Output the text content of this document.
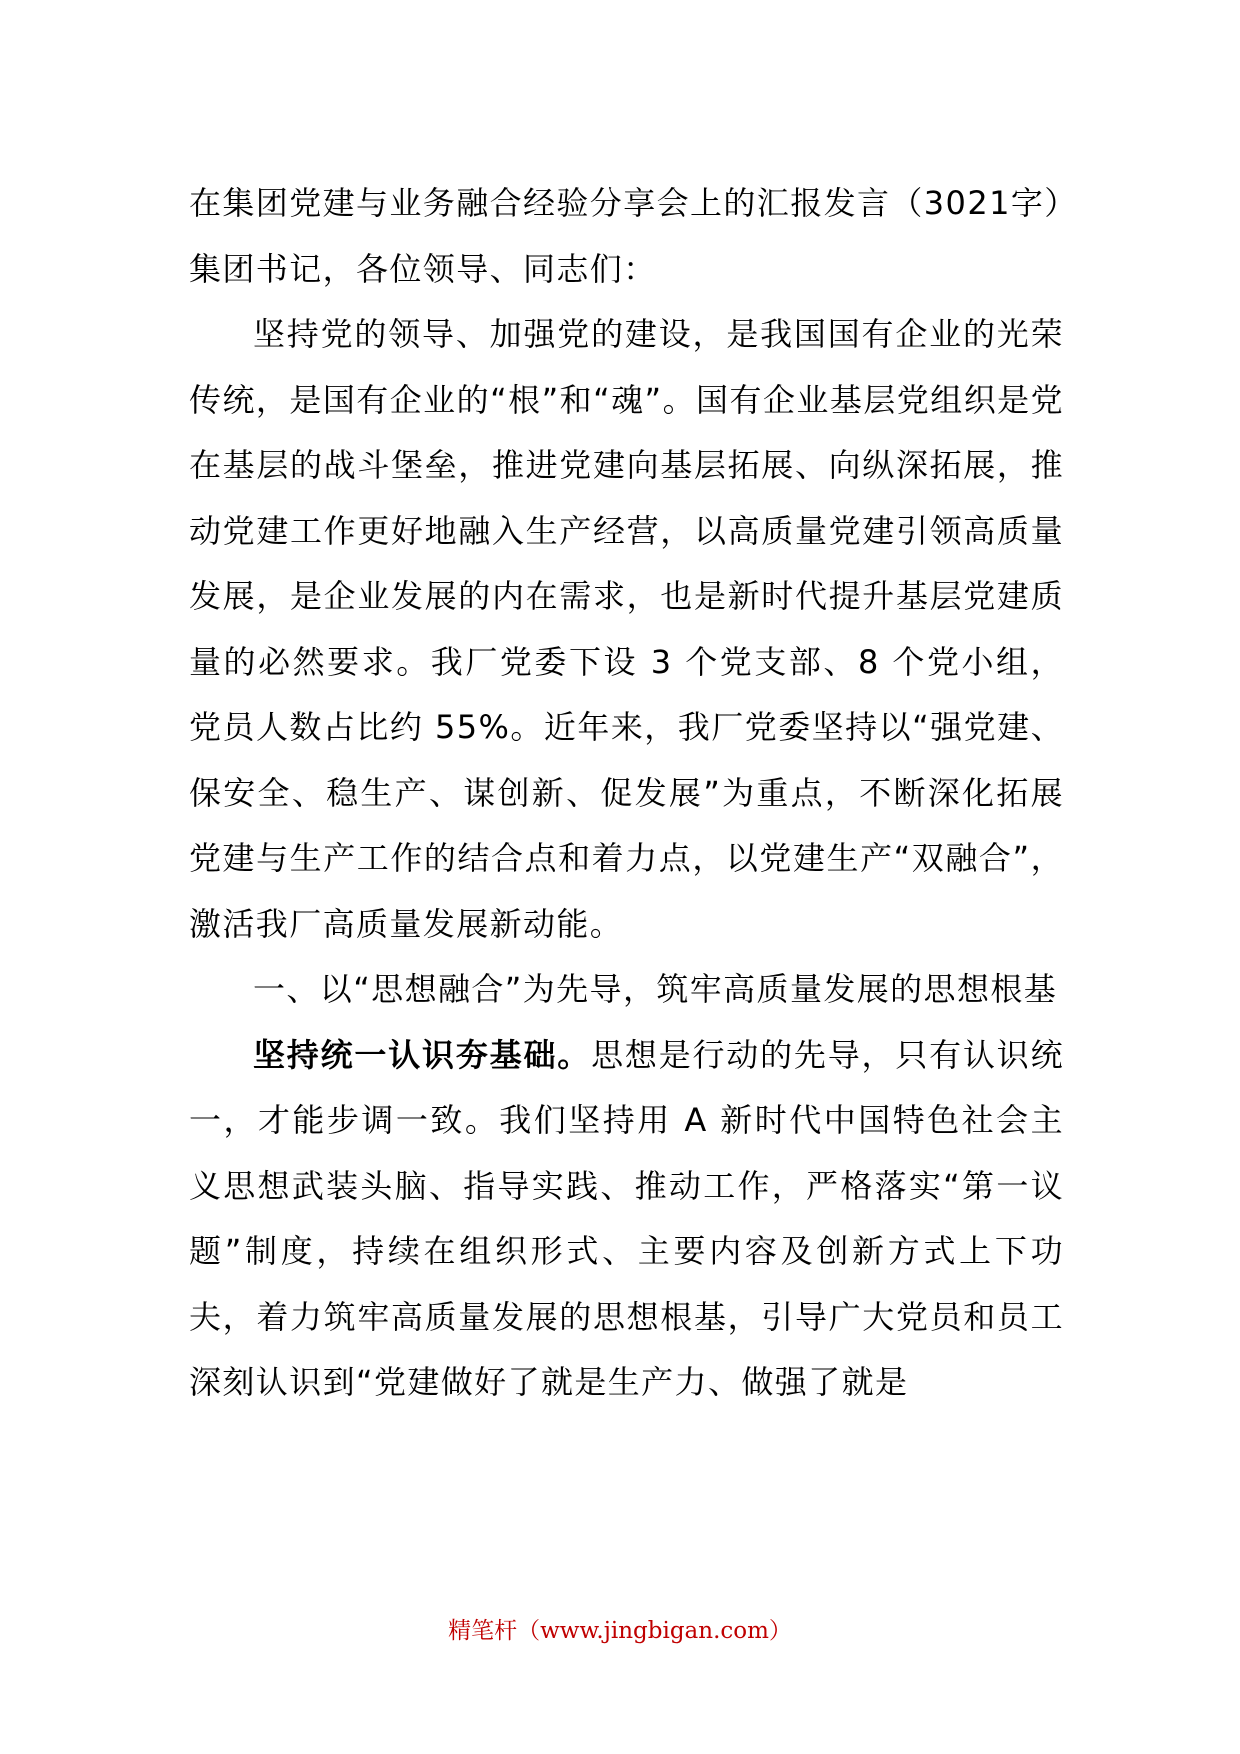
在集团党建与业务融合经验分享会上的汇报发言（3021字）

集团书记，各位领导、同志们：

坚持党的领导、加强党的建设，是我国国有企业的光荣传统，是国有企业的“根”和“魂”。国有企业基层党组织是党在基层的战斗堡垒，推进党建向基层拓展、向纵深拓展，推动党建工作更好地融入生产经营，以高质量党建引领高质量发展，是企业发展的内在需求，也是新时代提升基层党建质量的必然要求。我厂党委下设 3 个党支部、8 个党小组，党员人数占比约 55%。近年来，我厂党委坚持以“强党建、保安全、稳生产、谋创新、促发展”为重点，不断深化拓展党建与生产工作的结合点和着力点，以党建生产“双融合”，激活我厂高质量发展新动能。

一、以“思想融合”为先导，筑牢高质量发展的思想根基

坚持统一认识夯基础。思想是行动的先导，只有认识统一，才能步调一致。我们坚持用 A 新时代中国特色社会主义思想武装头脑、指导实践、推动工作，严格落实“第一议题”制度，持续在组织形式、主要内容及创新方式上下功夫，着力筑牢高质量发展的思想根基，引导广大党员和员工深刻认识到“党建做好了就是生产力、做强了就是

精笔杆（www.jingbigan.com）
